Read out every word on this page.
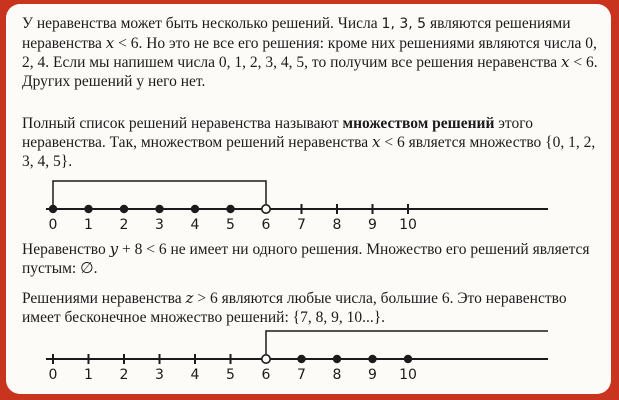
У неравенства может быть несколько решений. Числа 1, 3, 5 являются решениями неравенства x < 6. Но это не все его решения: кроме них решениями являются числа 0, 2, 4. Если мы напишем числа 0, 1, 2, 3, 4, 5, то получим все решения неравенства x < 6. Других решений у него нет.

Полный список решений неравенства называют множеством решений этого неравенства. Так, множеством решений неравенства x < 6 является множество {0, 1, 2, 3, 4, 5}.

0 1 2 3 4 5 6 7 8 9 10

Неравенство y + 8 < 6 не имеет ни одного решения. Множество его решений является пустым: ∅.

Решениями неравенства z > 6 являются любые числа, большие 6. Это неравенство имеет бесконечное множество решений: {7, 8, 9, 10...}.

0 1 2 3 4 5 6 7 8 9 10
